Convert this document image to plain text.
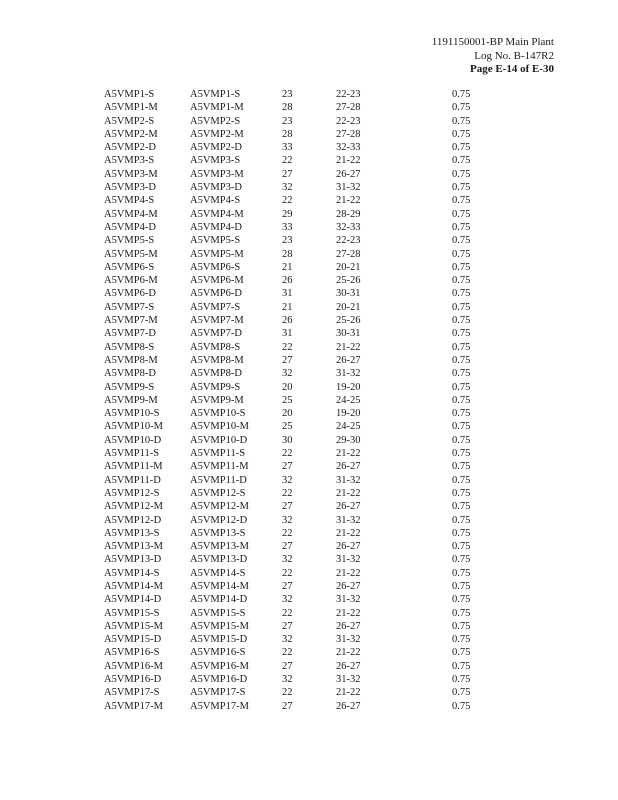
1191150001-BP Main Plant
Log No. B-147R2
Page E-14 of E-30
A5VMP1-S	A5VMP1-S	23	22-23	0.75
A5VMP1-M	A5VMP1-M	28	27-28	0.75
A5VMP2-S	A5VMP2-S	23	22-23	0.75
A5VMP2-M	A5VMP2-M	28	27-28	0.75
A5VMP2-D	A5VMP2-D	33	32-33	0.75
A5VMP3-S	A5VMP3-S	22	21-22	0.75
A5VMP3-M	A5VMP3-M	27	26-27	0.75
A5VMP3-D	A5VMP3-D	32	31-32	0.75
A5VMP4-S	A5VMP4-S	22	21-22	0.75
A5VMP4-M	A5VMP4-M	29	28-29	0.75
A5VMP4-D	A5VMP4-D	33	32-33	0.75
A5VMP5-S	A5VMP5-S	23	22-23	0.75
A5VMP5-M	A5VMP5-M	28	27-28	0.75
A5VMP6-S	A5VMP6-S	21	20-21	0.75
A5VMP6-M	A5VMP6-M	26	25-26	0.75
A5VMP6-D	A5VMP6-D	31	30-31	0.75
A5VMP7-S	A5VMP7-S	21	20-21	0.75
A5VMP7-M	A5VMP7-M	26	25-26	0.75
A5VMP7-D	A5VMP7-D	31	30-31	0.75
A5VMP8-S	A5VMP8-S	22	21-22	0.75
A5VMP8-M	A5VMP8-M	27	26-27	0.75
A5VMP8-D	A5VMP8-D	32	31-32	0.75
A5VMP9-S	A5VMP9-S	20	19-20	0.75
A5VMP9-M	A5VMP9-M	25	24-25	0.75
A5VMP10-S	A5VMP10-S	20	19-20	0.75
A5VMP10-M	A5VMP10-M	25	24-25	0.75
A5VMP10-D	A5VMP10-D	30	29-30	0.75
A5VMP11-S	A5VMP11-S	22	21-22	0.75
A5VMP11-M	A5VMP11-M	27	26-27	0.75
A5VMP11-D	A5VMP11-D	32	31-32	0.75
A5VMP12-S	A5VMP12-S	22	21-22	0.75
A5VMP12-M	A5VMP12-M	27	26-27	0.75
A5VMP12-D	A5VMP12-D	32	31-32	0.75
A5VMP13-S	A5VMP13-S	22	21-22	0.75
A5VMP13-M	A5VMP13-M	27	26-27	0.75
A5VMP13-D	A5VMP13-D	32	31-32	0.75
A5VMP14-S	A5VMP14-S	22	21-22	0.75
A5VMP14-M	A5VMP14-M	27	26-27	0.75
A5VMP14-D	A5VMP14-D	32	31-32	0.75
A5VMP15-S	A5VMP15-S	22	21-22	0.75
A5VMP15-M	A5VMP15-M	27	26-27	0.75
A5VMP15-D	A5VMP15-D	32	31-32	0.75
A5VMP16-S	A5VMP16-S	22	21-22	0.75
A5VMP16-M	A5VMP16-M	27	26-27	0.75
A5VMP16-D	A5VMP16-D	32	31-32	0.75
A5VMP17-S	A5VMP17-S	22	21-22	0.75
A5VMP17-M	A5VMP17-M	27	26-27	0.75
